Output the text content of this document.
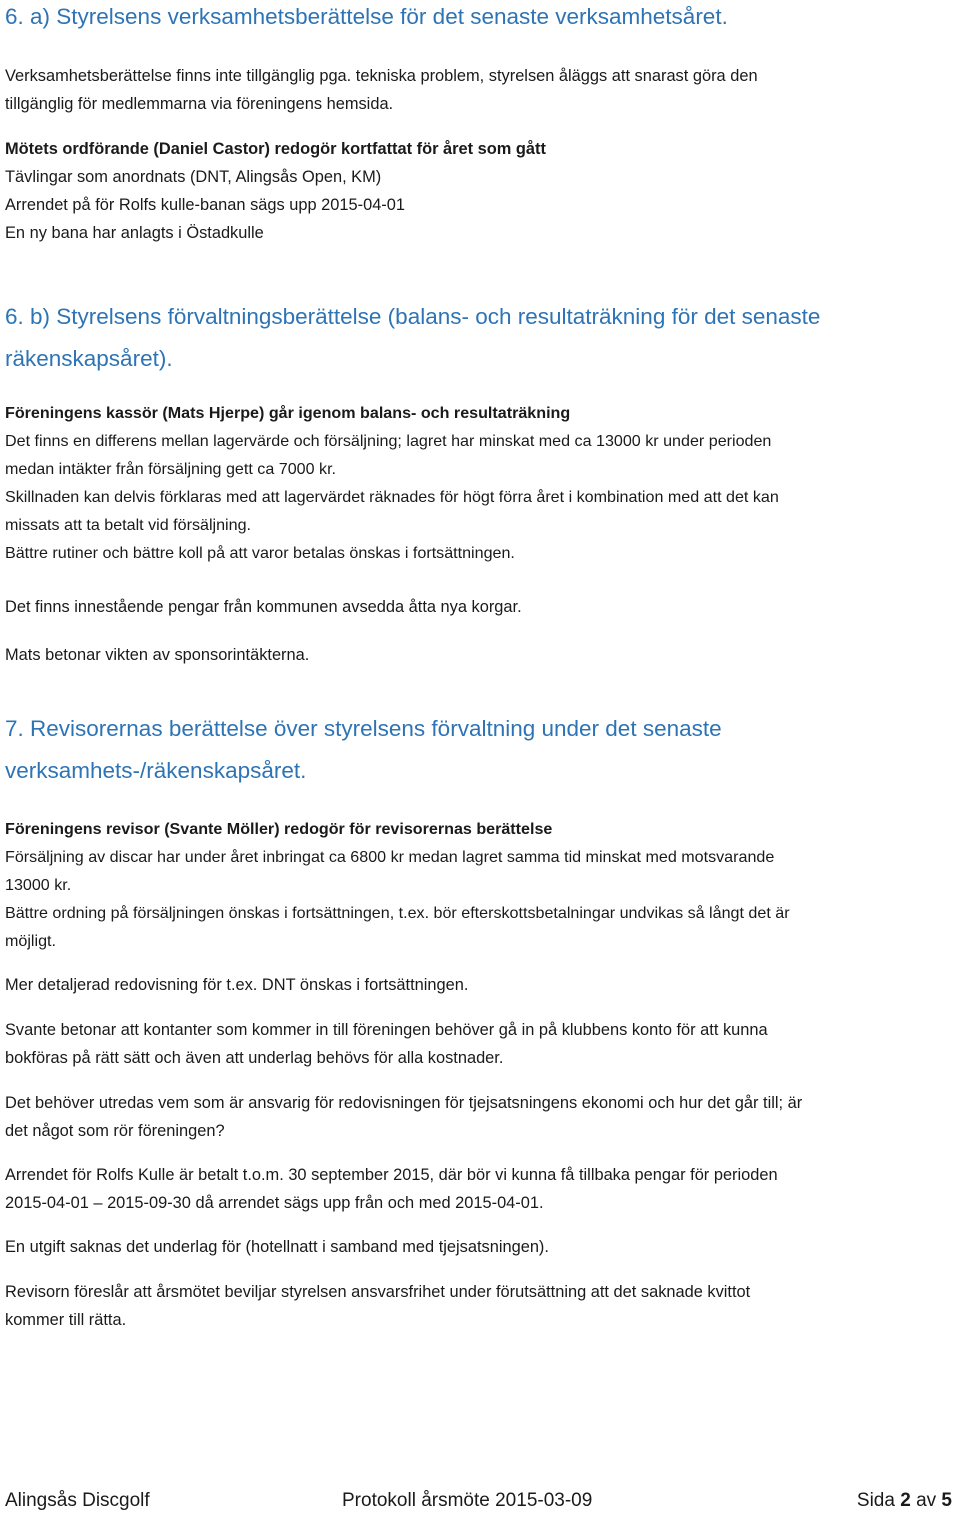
6. a) Styrelsens verksamhetsberättelse för det senaste verksamhetsåret.
Verksamhetsberättelse finns inte tillgänglig pga. tekniska problem, styrelsen åläggs att snarast göra den
tillgänglig för medlemmarna via föreningens hemsida.
Mötets ordförande (Daniel Castor) redogör kortfattat för året som gått
Tävlingar som anordnats (DNT, Alingsås Open, KM)
Arrendet på för Rolfs kulle-banan sägs upp 2015-04-01
En ny bana har anlagts i Östadkulle
6. b) Styrelsens förvaltningsberättelse (balans- och resultaträkning för det senaste
räkenskapsåret).
Föreningens kassör (Mats Hjerpe) går igenom balans- och resultaträkning
Det finns en differens mellan lagervärde och försäljning; lagret har minskat med ca 13000 kr under perioden
medan intäkter från försäljning gett ca 7000 kr.
Skillnaden kan delvis förklaras med att lagervärdet räknades för högt förra året i kombination med att det kan
missats att ta betalt vid försäljning.
Bättre rutiner och bättre koll på att varor betalas önskas i fortsättningen.
Det finns innestående pengar från kommunen avsedda åtta nya korgar.
Mats betonar vikten av sponsorintäkterna.
7. Revisorernas berättelse över styrelsens förvaltning under det senaste
verksamhets-/räkenskapsåret.
Föreningens revisor (Svante Möller) redogör för revisorernas berättelse
Försäljning av discar har under året inbringat ca 6800 kr medan lagret samma tid minskat med motsvarande
13000 kr.
Bättre ordning på försäljningen önskas i fortsättningen, t.ex. bör efterskottsbetalningar undvikas så långt det är
möjligt.
Mer detaljerad redovisning för t.ex. DNT önskas i fortsättningen.
Svante betonar att kontanter som kommer in till föreningen behöver gå in på klubbens konto för att kunna
bokföras på rätt sätt och även att underlag behövs för alla kostnader.
Det behöver utredas vem som är ansvarig för redovisningen för tjejsatsningens ekonomi och hur det går till; är
det något som rör föreningen?
Arrendet för Rolfs Kulle är betalt t.o.m. 30 september 2015, där bör vi kunna få tillbaka pengar för perioden
2015-04-01 – 2015-09-30 då arrendet sägs upp från och med 2015-04-01.
En utgift saknas det underlag för (hotellnatt i samband med tjejsatsningen).
Revisorn föreslår att årsmötet beviljar styrelsen ansvarsfrihet under förutsättning att det saknade kvittot
kommer till rätta.
Alingsås Discgolf	Protokoll årsmöte 2015-03-09	Sida 2 av 5
